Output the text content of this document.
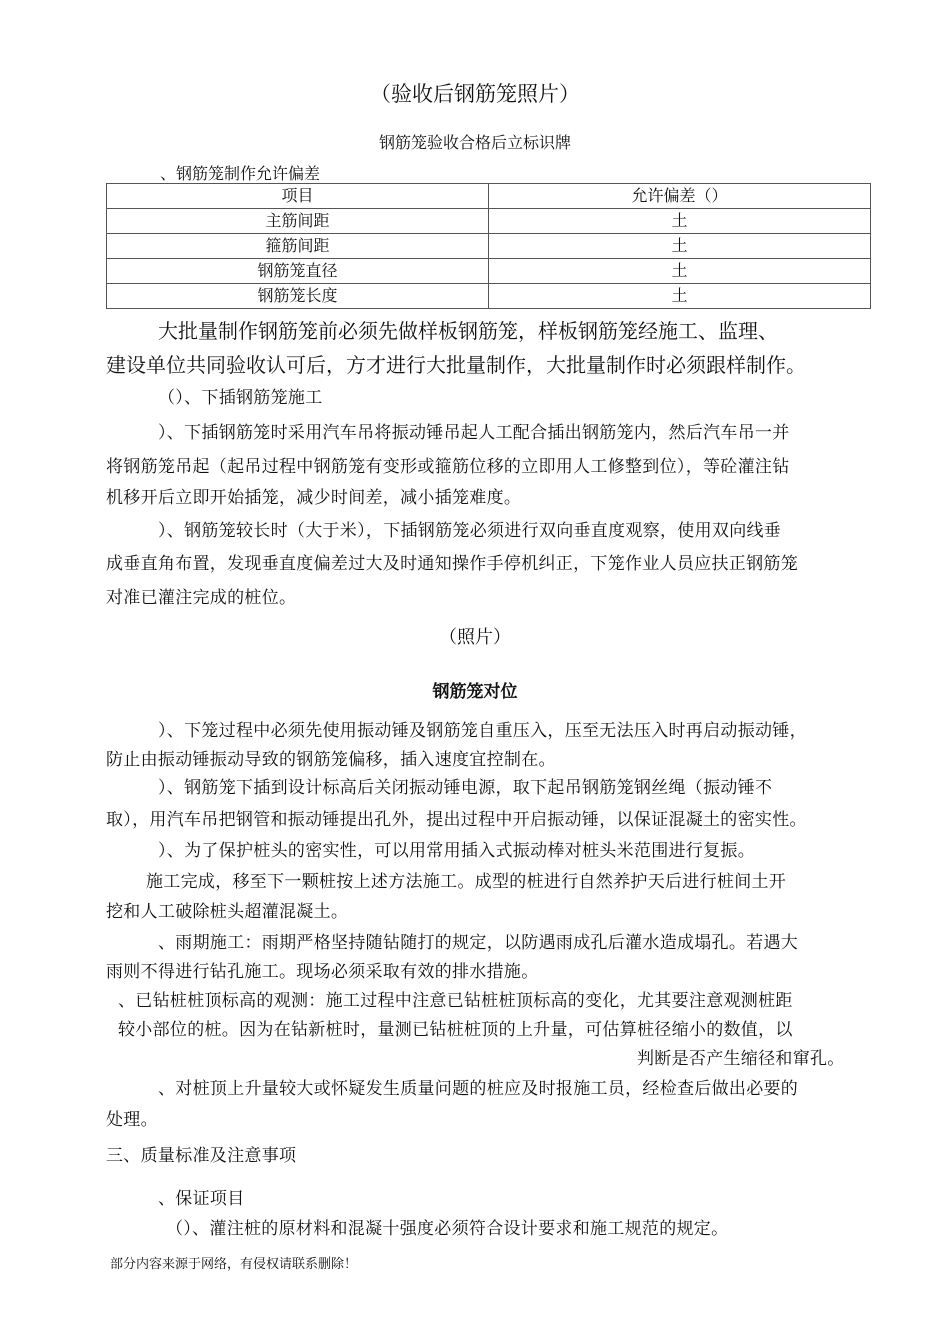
（验收后钢筋笼照片）
钢筋笼验收合格后立标识牌
、钢筋笼制作允许偏差
项目	允许偏差（）
主筋间距	土
箍筋间距	土
钢筋笼直径	土
钢筋笼长度	土
大批量制作钢筋笼前必须先做样板钢筋笼，样板钢筋笼经施工、监理、
建设单位共同验收认可后，方才进行大批量制作，大批量制作时必须跟样制作。
（）、下插钢筋笼施工
）、下插钢筋笼时采用汽车吊将振动锤吊起人工配合插出钢筋笼内，然后汽车吊一并
将钢筋笼吊起（起吊过程中钢筋笼有变形或箍筋位移的立即用人工修整到位），等砼灌注钻
机移开后立即开始插笼，减少时间差，减小插笼难度。
）、钢筋笼较长时（大于米），下插钢筋笼必须进行双向垂直度观察，使用双向线垂
成垂直角布置，发现垂直度偏差过大及时通知操作手停机纠正，下笼作业人员应扶正钢筋笼
对准已灌注完成的桩位。
（照片）
钢筋笼对位
）、下笼过程中必须先使用振动锤及钢筋笼自重压入，压至无法压入时再启动振动锤，
防止由振动锤振动导致的钢筋笼偏移，插入速度宜控制在。
）、钢筋笼下插到设计标高后关闭振动锤电源，取下起吊钢筋笼钢丝绳（振动锤不
取），用汽车吊把钢管和振动锤提出孔外，提出过程中开启振动锤，以保证混凝土的密实性。
）、为了保护桩头的密实性，可以用常用插入式振动棒对桩头米范围进行复振。
施工完成，移至下一颗桩按上述方法施工。成型的桩进行自然养护天后进行桩间土开
挖和人工破除桩头超灌混凝土。
、雨期施工：雨期严格坚持随钻随打的规定，以防遇雨成孔后灌水造成塌孔。若遇大
雨则不得进行钻孔施工。现场必须采取有效的排水措施。
、已钻桩桩顶标高的观测：施工过程中注意已钻桩桩顶标高的变化，尤其要注意观测桩距
较小部位的桩。因为在钻新桩时，量测已钻桩桩顶的上升量，可估算桩径缩小的数值，以
判断是否产生缩径和窜孔。
、对桩顶上升量较大或怀疑发生质量问题的桩应及时报施工员，经检查后做出必要的
处理。
三、质量标准及注意事项
、保证项目
（）、灌注桩的原材料和混凝十强度必须符合设计要求和施工规范的规定。
部分内容来源于网络，有侵权请联系删除！
